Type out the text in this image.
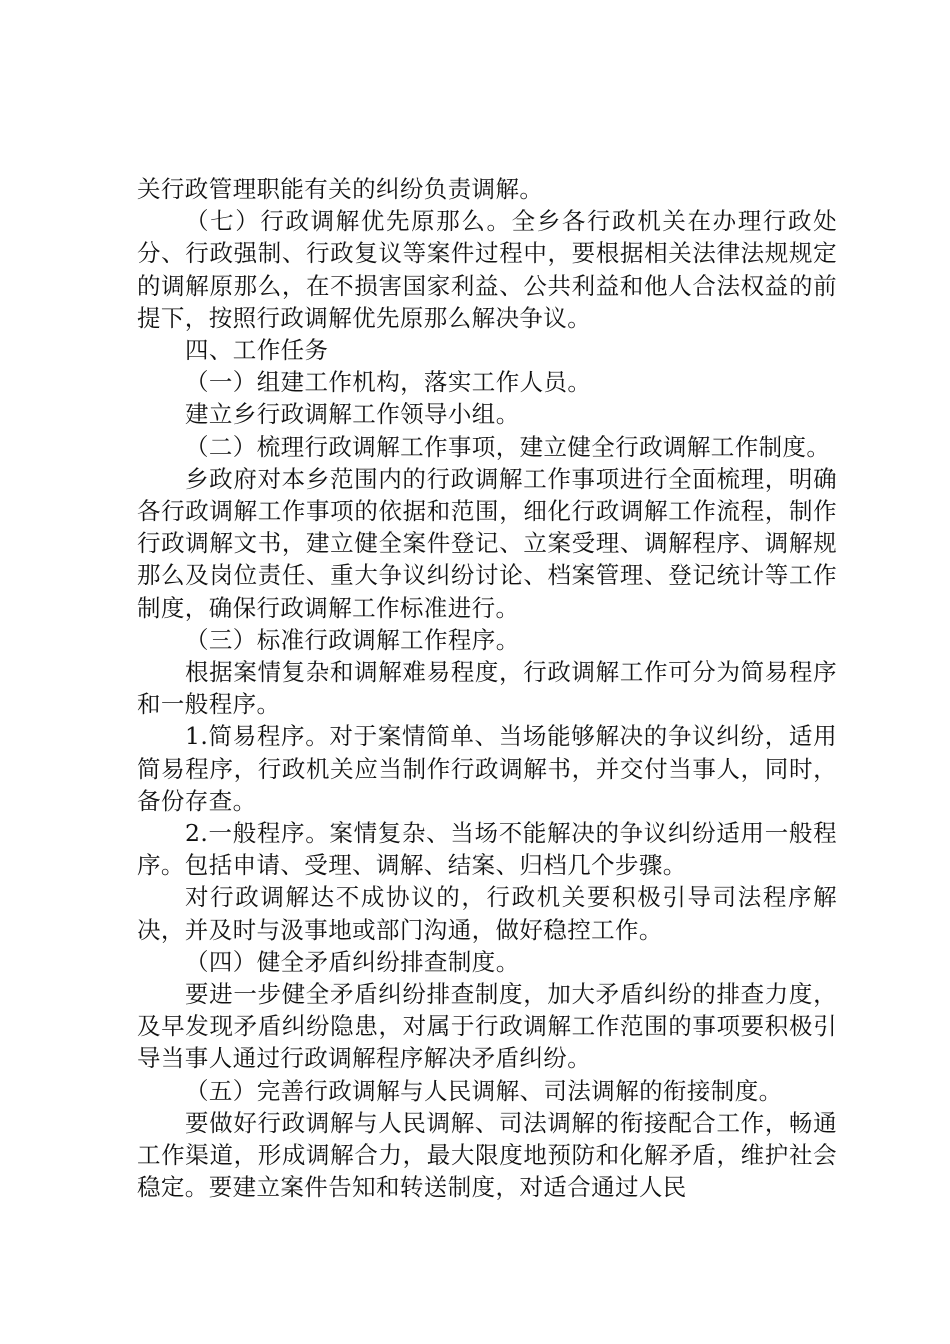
关行政管理职能有关的纠纷负责调解。

（七）行政调解优先原那么。全乡各行政机关在办理行政处分、行政强制、行政复议等案件过程中，要根据相关法律法规规定的调解原那么，在不损害国家利益、公共利益和他人合法权益的前提下，按照行政调解优先原那么解决争议。

四、工作任务

（一）组建工作机构，落实工作人员。

建立乡行政调解工作领导小组。

（二）梳理行政调解工作事项，建立健全行政调解工作制度。

乡政府对本乡范围内的行政调解工作事项进行全面梳理，明确各行政调解工作事项的依据和范围，细化行政调解工作流程，制作行政调解文书，建立健全案件登记、立案受理、调解程序、调解规那么及岗位责任、重大争议纠纷讨论、档案管理、登记统计等工作制度，确保行政调解工作标准进行。

（三）标准行政调解工作程序。

根据案情复杂和调解难易程度，行政调解工作可分为简易程序和一般程序。

1.简易程序。对于案情简单、当场能够解决的争议纠纷，适用简易程序，行政机关应当制作行政调解书，并交付当事人，同时，备份存查。

2.一般程序。案情复杂、当场不能解决的争议纠纷适用一般程序。包括申请、受理、调解、结案、归档几个步骤。

对行政调解达不成协议的，行政机关要积极引导司法程序解决，并及时与汲事地或部门沟通，做好稳控工作。

（四）健全矛盾纠纷排查制度。

要进一步健全矛盾纠纷排查制度，加大矛盾纠纷的排查力度，及早发现矛盾纠纷隐患，对属于行政调解工作范围的事项要积极引导当事人通过行政调解程序解决矛盾纠纷。

（五）完善行政调解与人民调解、司法调解的衔接制度。

要做好行政调解与人民调解、司法调解的衔接配合工作，畅通工作渠道，形成调解合力，最大限度地预防和化解矛盾，维护社会稳定。要建立案件告知和转送制度，对适合通过人民
